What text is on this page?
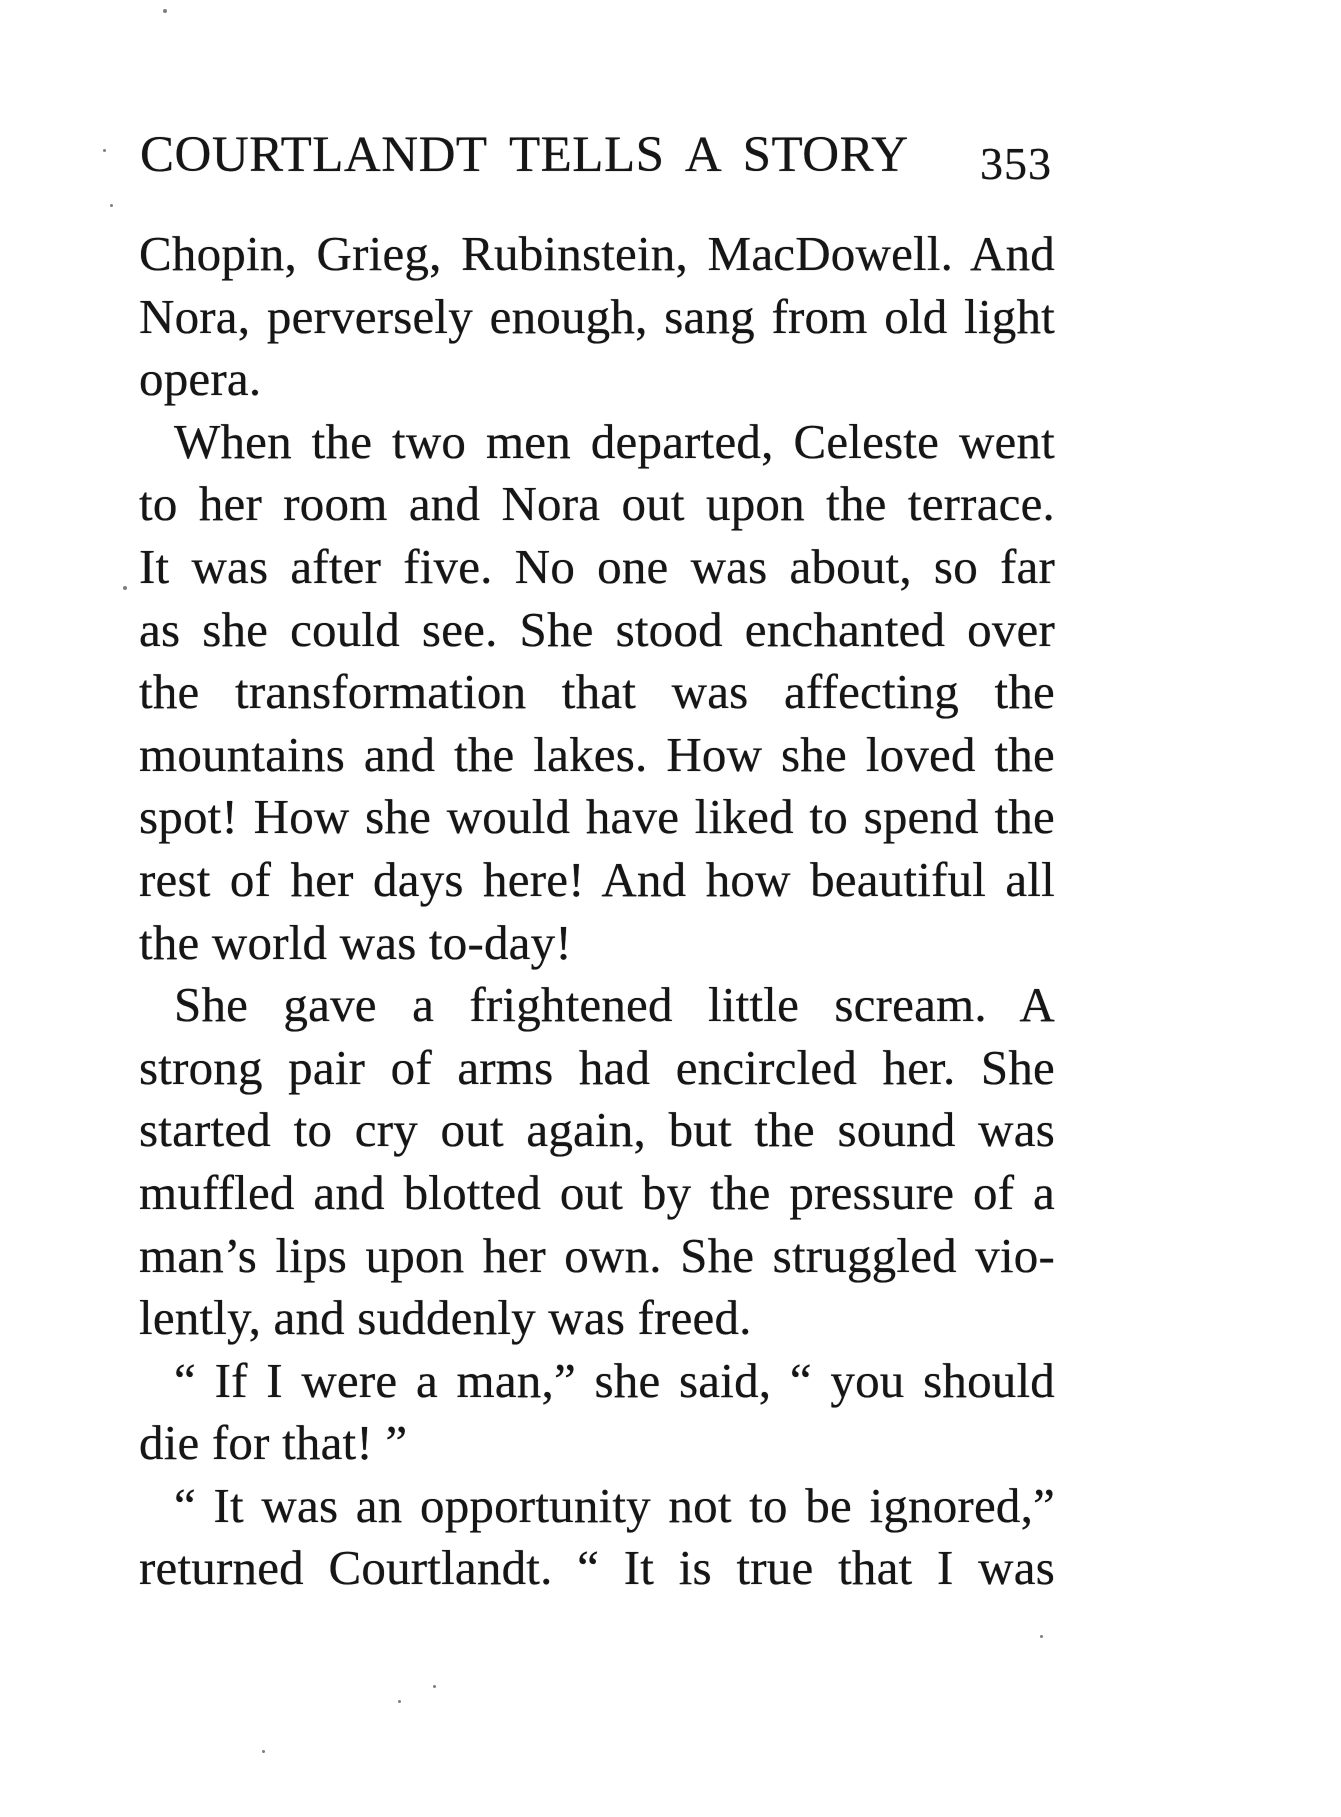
COURTLANDT TELLS A STORY 353
Chopin, Grieg, Rubinstein, MacDowell. And
Nora, perversely enough, sang from old light
opera.
When the two men departed, Celeste went
to her room and Nora out upon the terrace.
It was after five. No one was about, so far
as she could see. She stood enchanted over
the transformation that was affecting the
mountains and the lakes. How she loved the
spot! How she would have liked to spend the
rest of her days here! And how beautiful all
the world was to-day!
She gave a frightened little scream. A
strong pair of arms had encircled her. She
started to cry out again, but the sound was
muffled and blotted out by the pressure of a
man’s lips upon her own. She struggled vio-
lently, and suddenly was freed.
“ If I were a man,” she said, “ you should
die for that! ”
“ It was an opportunity not to be ignored,”
returned Courtlandt. “ It is true that I was
